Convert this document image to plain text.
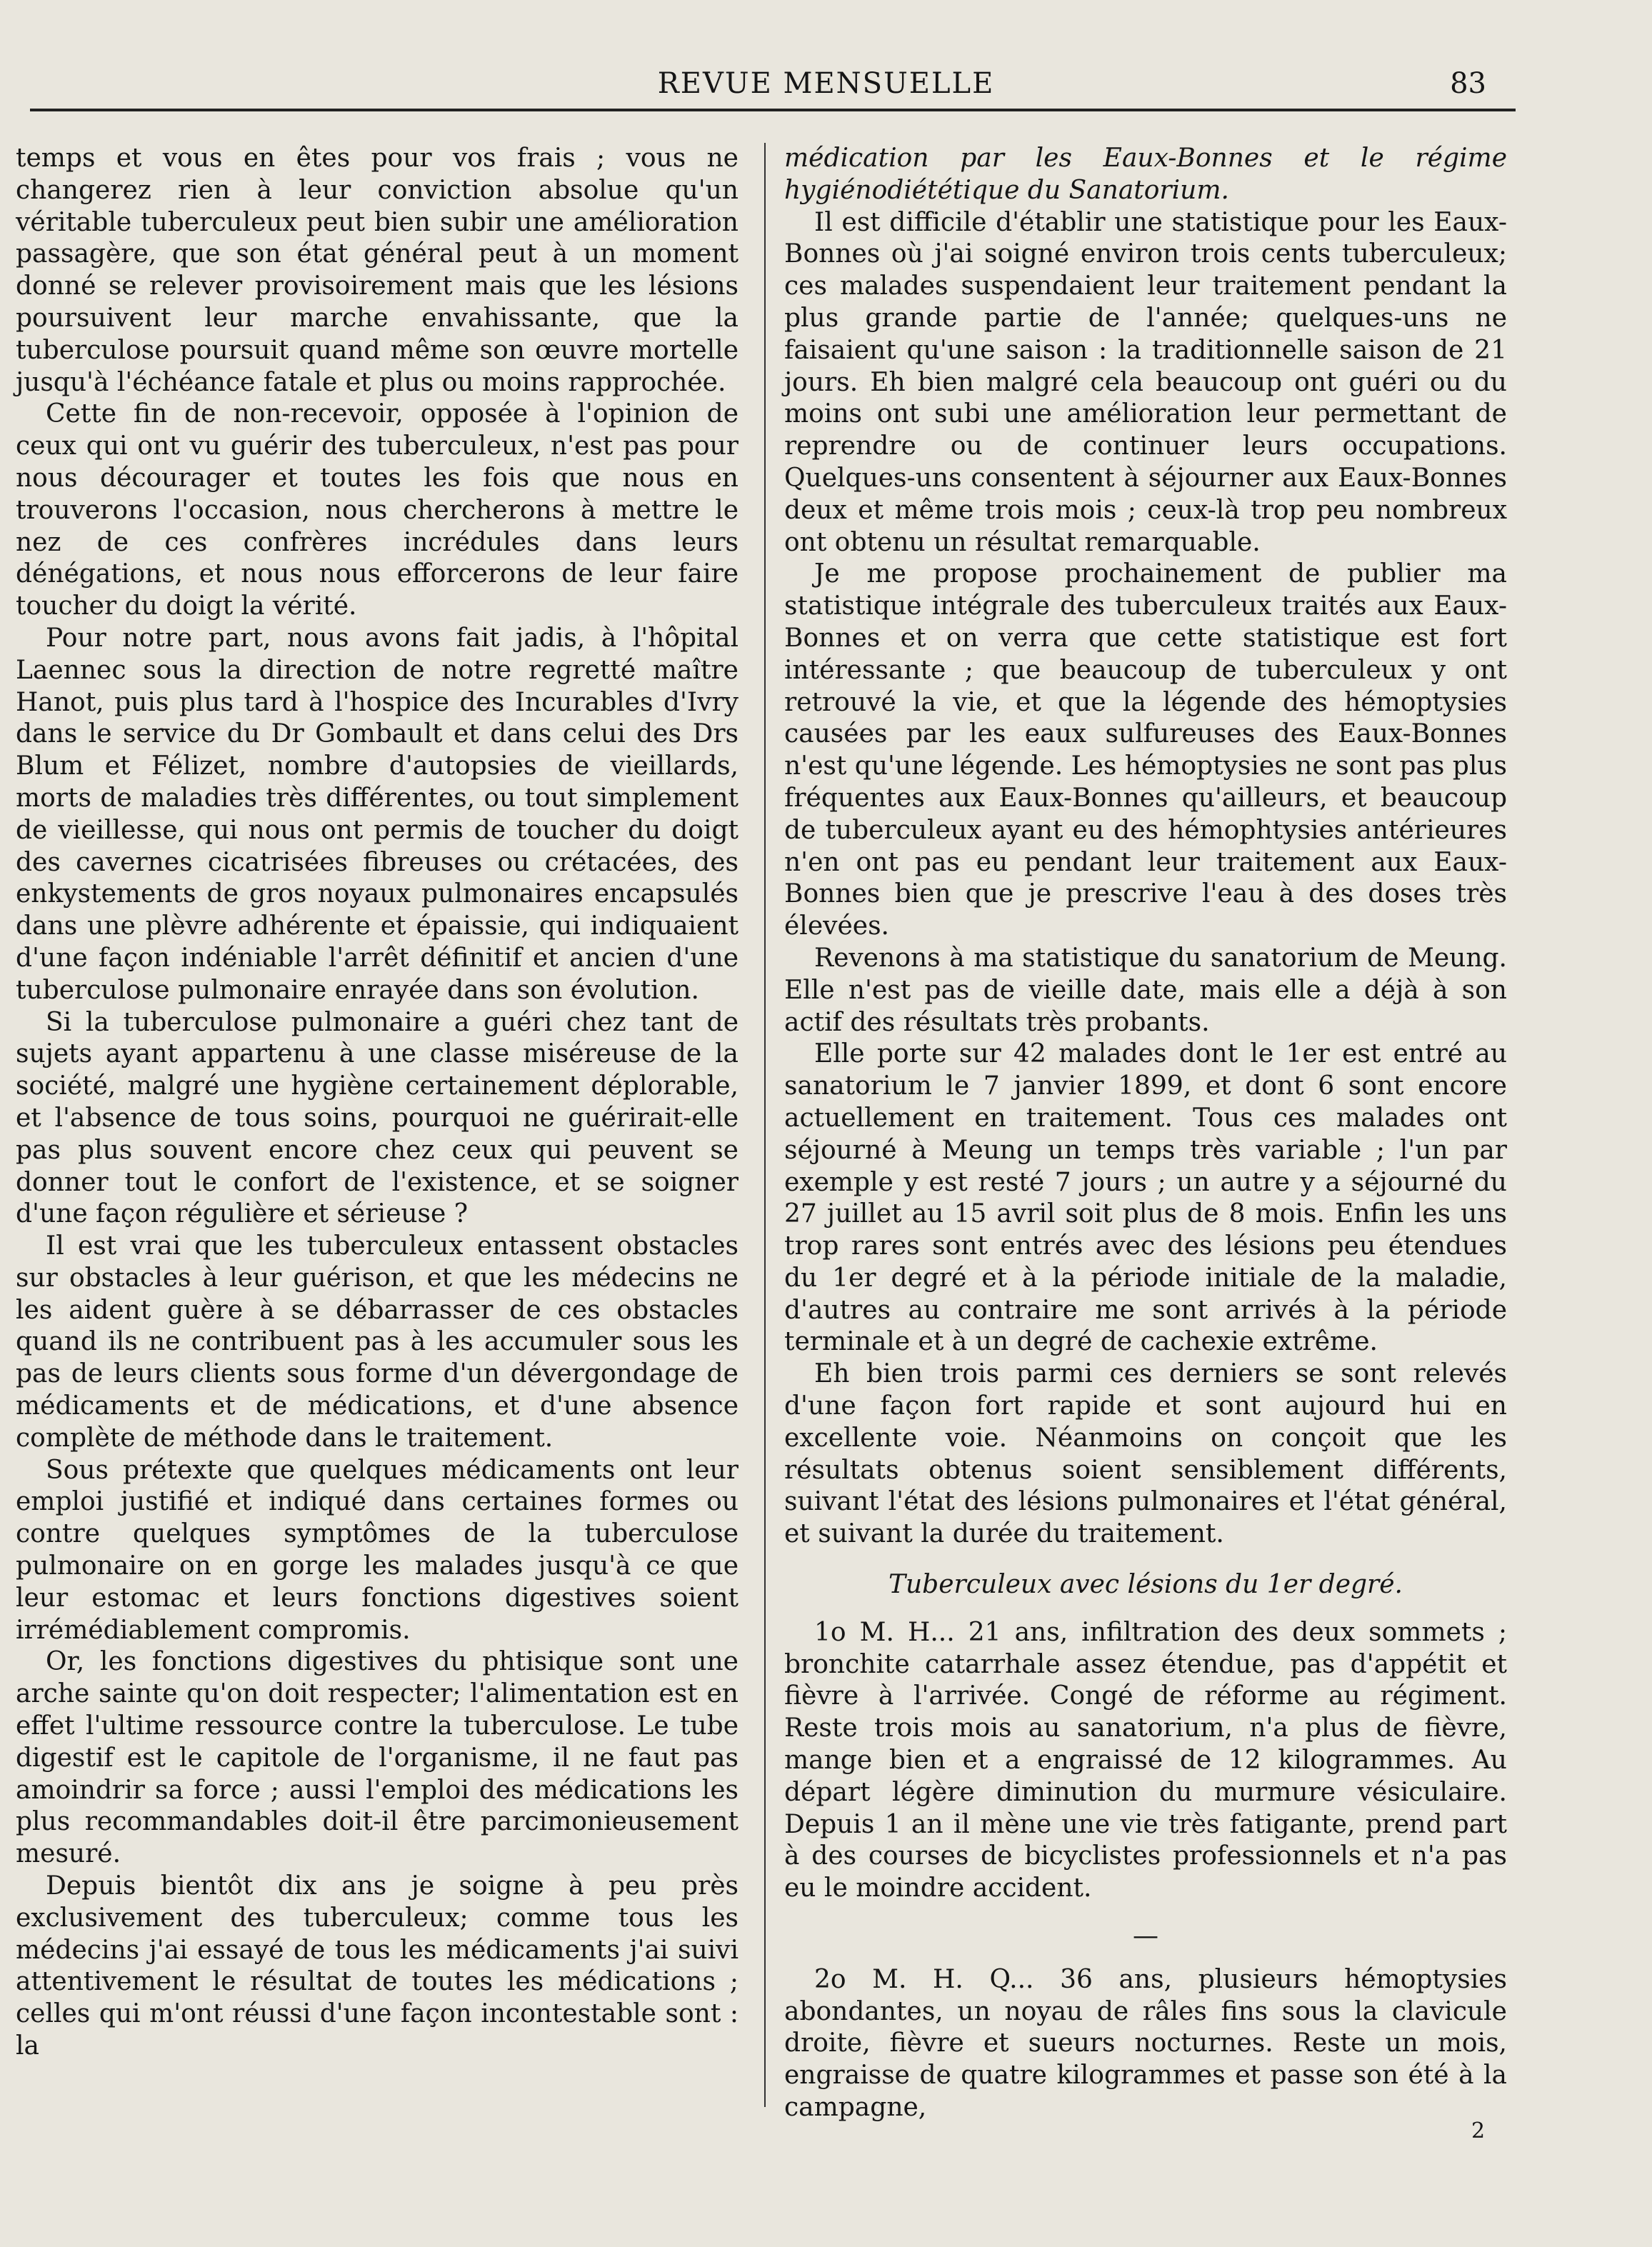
REVUE MENSUELLE	83

temps et vous en êtes pour vos frais ; vous ne changerez rien à leur conviction absolue qu'un véritable tuberculeux peut bien subir une amélioration passagère, que son état général peut à un moment donné se relever provisoirement mais que les lésions poursuivent leur marche envahissante, que la tuberculose poursuit quand même son œuvre mortelle jusqu'à l'échéance fatale et plus ou moins rapprochée.

Cette fin de non-recevoir, opposée à l'opinion de ceux qui ont vu guérir des tuberculeux, n'est pas pour nous décourager et toutes les fois que nous en trouverons l'occasion, nous chercherons à mettre le nez de ces confrères incrédules dans leurs dénégations, et nous nous efforcerons de leur faire toucher du doigt la vérité.

Pour notre part, nous avons fait jadis, à l'hôpital Laennec sous la direction de notre regretté maître Hanot, puis plus tard à l'hospice des Incurables d'Ivry dans le service du Dr Gombault et dans celui des Drs Blum et Félizet, nombre d'autopsies de vieillards, morts de maladies très différentes, ou tout simplement de vieillesse, qui nous ont permis de toucher du doigt des cavernes cicatrisées fibreuses ou crétacées, des enkystements de gros noyaux pulmonaires encapsulés dans une plèvre adhérente et épaissie, qui indiquaient d'une façon indéniable l'arrêt définitif et ancien d'une tuberculose pulmonaire enrayée dans son évolution.

Si la tuberculose pulmonaire a guéri chez tant de sujets ayant appartenu à une classe miséreuse de la société, malgré une hygiène certainement déplorable, et l'absence de tous soins, pourquoi ne guérirait-elle pas plus souvent encore chez ceux qui peuvent se donner tout le confort de l'existence, et se soigner d'une façon régulière et sérieuse ?

Il est vrai que les tuberculeux entassent obstacles sur obstacles à leur guérison, et que les médecins ne les aident guère à se débarrasser de ces obstacles quand ils ne contribuent pas à les accumuler sous les pas de leurs clients sous forme d'un dévergondage de médicaments et de médications, et d'une absence complète de méthode dans le traitement.

Sous prétexte que quelques médicaments ont leur emploi justifié et indiqué dans certaines formes ou contre quelques symptômes de la tuberculose pulmonaire on en gorge les malades jusqu'à ce que leur estomac et leurs fonctions digestives soient irrémédiablement compromis.

Or, les fonctions digestives du phtisique sont une arche sainte qu'on doit respecter; l'alimentation est en effet l'ultime ressource contre la tuberculose. Le tube digestif est le capitole de l'organisme, il ne faut pas amoindrir sa force ; aussi l'emploi des médications les plus recommandables doit-il être parcimonieusement mesuré.

Depuis bientôt dix ans je soigne à peu près exclusivement des tuberculeux; comme tous les médecins j'ai essayé de tous les médicaments j'ai suivi attentivement le résultat de toutes les médications ; celles qui m'ont réussi d'une façon incontestable sont : la

médication par les Eaux-Bonnes et le régime hygiénodiététique du Sanatorium.

Il est difficile d'établir une statistique pour les Eaux-Bonnes où j'ai soigné environ trois cents tuberculeux; ces malades suspendaient leur traitement pendant la plus grande partie de l'année; quelques-uns ne faisaient qu'une saison : la traditionnelle saison de 21 jours. Eh bien malgré cela beaucoup ont guéri ou du moins ont subi une amélioration leur permettant de reprendre ou de continuer leurs occupations. Quelques-uns consentent à séjourner aux Eaux-Bonnes deux et même trois mois ; ceux-là trop peu nombreux ont obtenu un résultat remarquable.

Je me propose prochainement de publier ma statistique intégrale des tuberculeux traités aux Eaux-Bonnes et on verra que cette statistique est fort intéressante ; que beaucoup de tuberculeux y ont retrouvé la vie, et que la légende des hémoptysies causées par les eaux sulfureuses des Eaux-Bonnes n'est qu'une légende. Les hémoptysies ne sont pas plus fréquentes aux Eaux-Bonnes qu'ailleurs, et beaucoup de tuberculeux ayant eu des hémophtysies antérieures n'en ont pas eu pendant leur traitement aux Eaux-Bonnes bien que je prescrive l'eau à des doses très élevées.

Revenons à ma statistique du sanatorium de Meung. Elle n'est pas de vieille date, mais elle a déjà à son actif des résultats très probants.

Elle porte sur 42 malades dont le 1er est entré au sanatorium le 7 janvier 1899, et dont 6 sont encore actuellement en traitement. Tous ces malades ont séjourné à Meung un temps très variable ; l'un par exemple y est resté 7 jours ; un autre y a séjourné du 27 juillet au 15 avril soit plus de 8 mois. Enfin les uns trop rares sont entrés avec des lésions peu étendues du 1er degré et à la période initiale de la maladie, d'autres au contraire me sont arrivés à la période terminale et à un degré de cachexie extrême.

Eh bien trois parmi ces derniers se sont relevés d'une façon fort rapide et sont aujourd hui en excellente voie. Néanmoins on conçoit que les résultats obtenus soient sensiblement différents, suivant l'état des lésions pulmonaires et l'état général, et suivant la durée du traitement.

Tuberculeux avec lésions du 1er degré.

1o M. H... 21 ans, infiltration des deux sommets ; bronchite catarrhale assez étendue, pas d'appétit et fièvre à l'arrivée. Congé de réforme au régiment. Reste trois mois au sanatorium, n'a plus de fièvre, mange bien et a engraissé de 12 kilogrammes. Au départ légère diminution du murmure vésiculaire. Depuis 1 an il mène une vie très fatigante, prend part à des courses de bicyclistes professionnels et n'a pas eu le moindre accident.

—

2o M. H. Q... 36 ans, plusieurs hémoptysies abondantes, un noyau de râles fins sous la clavicule droite, fièvre et sueurs nocturnes. Reste un mois, engraisse de quatre kilogrammes et passe son été à la campagne,

2
